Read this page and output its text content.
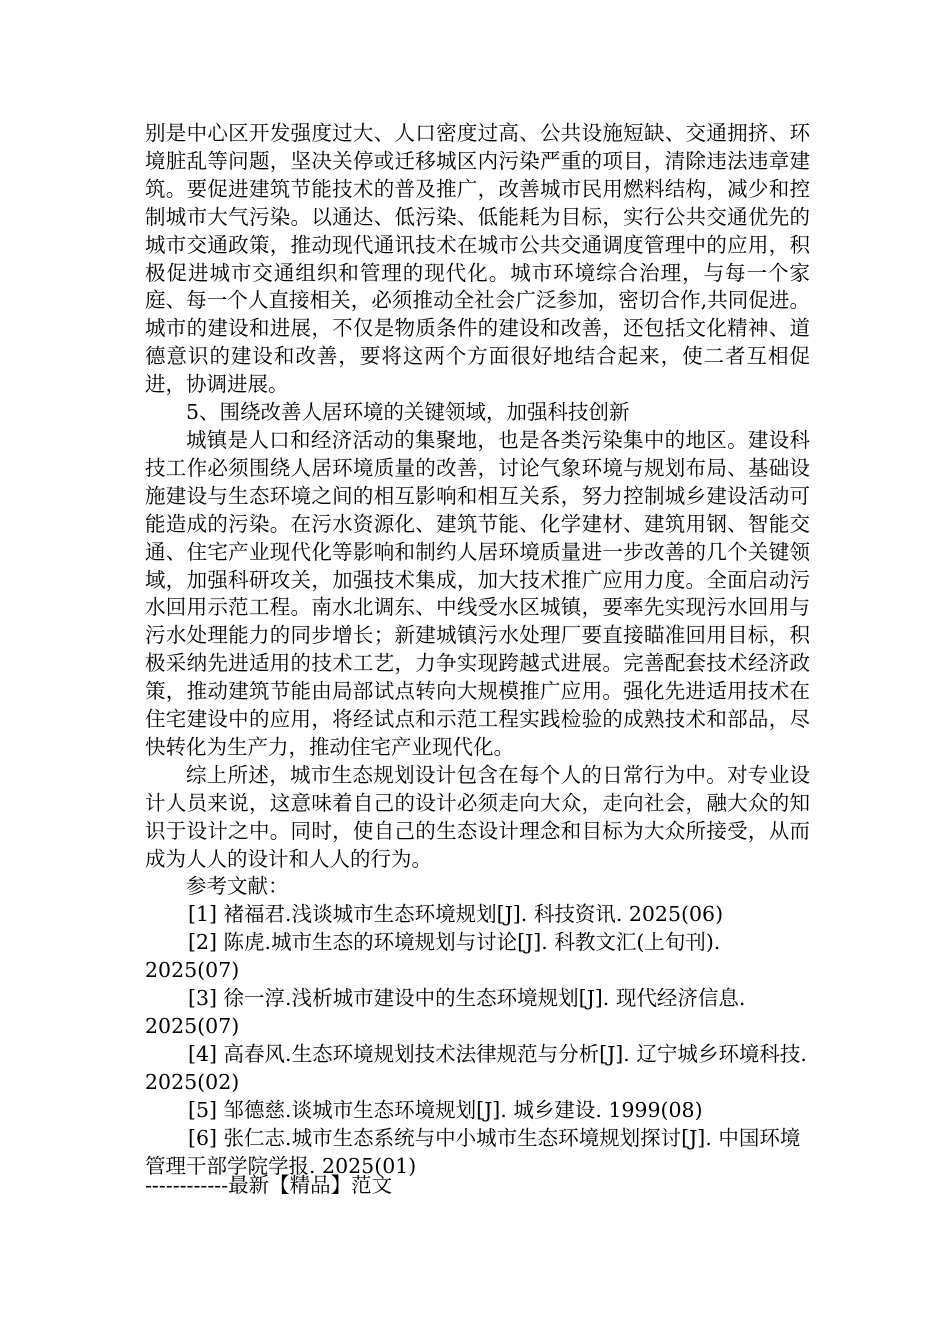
别是中心区开发强度过大、人口密度过高、公共设施短缺、交通拥挤、环境脏乱等问题，坚决关停或迁移城区内污染严重的项目，清除违法违章建筑。要促进建筑节能技术的普及推广，改善城市民用燃料结构，减少和控制城市大气污染。以通达、低污染、低能耗为目标，实行公共交通优先的城市交通政策，推动现代通讯技术在城市公共交通调度管理中的应用，积极促进城市交通组织和管理的现代化。城市环境综合治理，与每一个家庭、每一个人直接相关，必须推动全社会广泛参加，密切合作,共同促进。城市的建设和进展，不仅是物质条件的建设和改善，还包括文化精神、道德意识的建设和改善，要将这两个方面很好地结合起来，使二者互相促进，协调进展。

5、围绕改善人居环境的关键领域，加强科技创新

城镇是人口和经济活动的集聚地，也是各类污染集中的地区。建设科技工作必须围绕人居环境质量的改善，讨论气象环境与规划布局、基础设施建设与生态环境之间的相互影响和相互关系，努力控制城乡建设活动可能造成的污染。在污水资源化、建筑节能、化学建材、建筑用钢、智能交通、住宅产业现代化等影响和制约人居环境质量进一步改善的几个关键领域，加强科研攻关，加强技术集成，加大技术推广应用力度。全面启动污水回用示范工程。南水北调东、中线受水区城镇，要率先实现污水回用与污水处理能力的同步增长；新建城镇污水处理厂要直接瞄准回用目标，积极采纳先进适用的技术工艺，力争实现跨越式进展。完善配套技术经济政策，推动建筑节能由局部试点转向大规模推广应用。强化先进适用技术在住宅建设中的应用，将经试点和示范工程实践检验的成熟技术和部品，尽快转化为生产力，推动住宅产业现代化。

综上所述，城市生态规划设计包含在每个人的日常行为中。对专业设计人员来说，这意味着自己的设计必须走向大众，走向社会，融大众的知识于设计之中。同时，使自己的生态设计理念和目标为大众所接受，从而成为人人的设计和人人的行为。

参考文献：

[1] 褚福君.浅谈城市生态环境规划[J]. 科技资讯. 2025(06)

[2] 陈虎.城市生态的环境规划与讨论[J]. 科教文汇(上旬刊). 2025(07)

[3] 徐一淳.浅析城市建设中的生态环境规划[J]. 现代经济信息. 2025(07)

[4] 高春风.生态环境规划技术法律规范与分析[J]. 辽宁城乡环境科技. 2025(02)

[5] 邹德慈.谈城市生态环境规划[J]. 城乡建设. 1999(08)

[6] 张仁志.城市生态系统与中小城市生态环境规划探讨[J]. 中国环境管理干部学院学报. 2025(01)

------------最新【精品】范文
